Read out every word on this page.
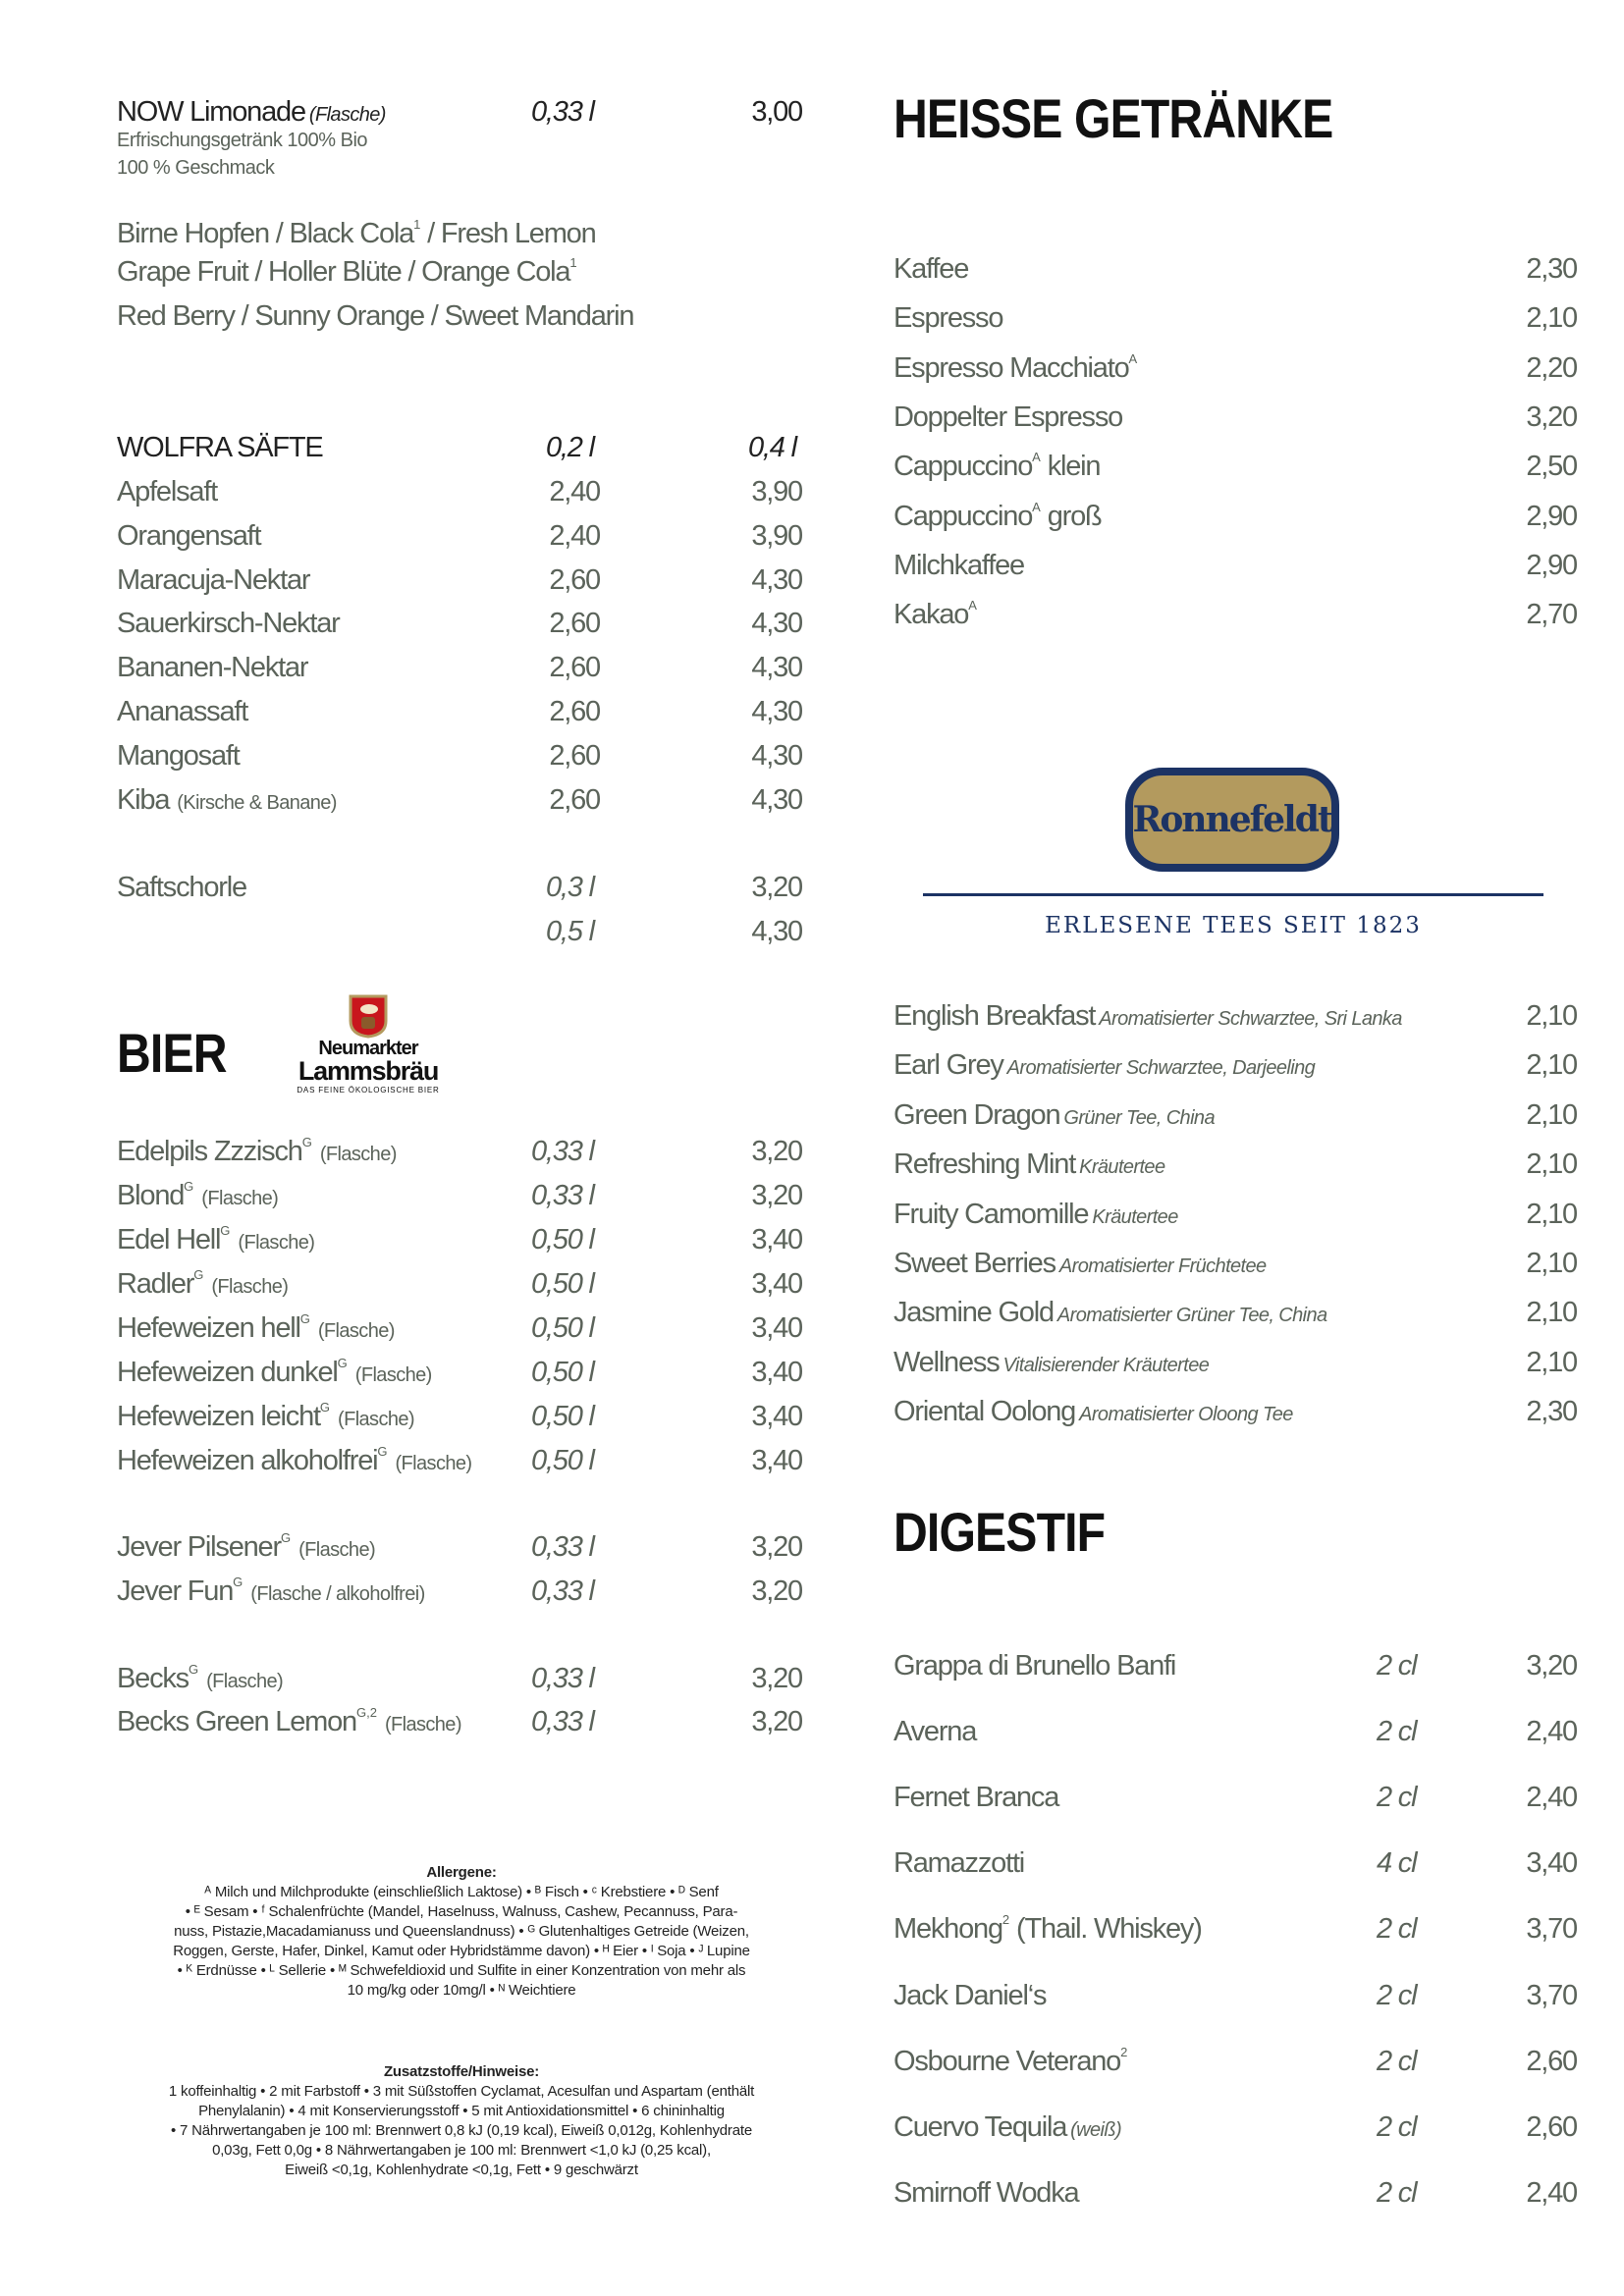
Erfrischungsgetränk 100% Bio
100 % Geschmack
BIER	Neumarkter
Lammsbräu
DAS FEINE ÖKOLOGISCHE BIER
Allergene:
ᴬ Milch und Milchprodukte (einschließlich Laktose) • ᴮ Fisch • ᶜ Krebstiere • ᴰ Senf
• ᴱ Sesam • ᶠ Schalenfrüchte (Mandel, Haselnuss, Walnuss, Cashew, Pecannuss, Para-
nuss, Pistazie,Macadamianuss und Queenslandnuss) • ᴳ Glutenhaltiges Getreide (Weizen,
Roggen, Gerste, Hafer, Dinkel, Kamut oder Hybridstämme davon) • ᴴ Eier • ᴵ Soja • ᴶ Lupine
• ᴷ Erdnüsse • ᴸ Sellerie • ᴹ Schwefeldioxid und Sulfite in einer Konzentration von mehr als
10 mg/kg oder 10mg/l • ᴺ Weichtiere
Zusatzstoffe/Hinweise:
1 koffeinhaltig • 2 mit Farbstoff • 3 mit Süßstoffen Cyclamat, Acesulfan und Aspartam (enthält
Phenylalanin) • 4 mit Konservierungsstoff • 5 mit Antioxidationsmittel • 6 chininhaltig
• 7 Nährwertangaben je 100 ml: Brennwert 0,8 kJ (0,19 kcal), Eiweiß 0,012g, Kohlenhydrate
0,03g, Fett 0,0g • 8 Nährwertangaben je 100 ml: Brennwert <1,0 kJ (0,25 kcal),
Eiweiß <0,1g, Kohlenhydrate <0,1g, Fett • 9 geschwärzt
HEISSE GETRÄNKE
Ronnefeldt
ERLESENE TEES SEIT 1823
DIGESTIF
NOW Limonade (Flasche)	0,33 l	3,00
Birne Hopfen / Black Cola$^1$ / Fresh Lemon
Grape Fruit / Holler Blüte / Orange Cola$^1$
Red Berry / Sunny Orange / Sweet Mandarin
WOLFRA SÄFTE	0,2 l	0,4 l
Apfelsaft	2,40	3,90
Orangensaft	2,40	3,90
Maracuja-Nektar	2,60	4,30
Sauerkirsch-Nektar	2,60	4,30
Bananen-Nektar	2,60	4,30
Ananassaft	2,60	4,30
Mangosaft	2,60	4,30
Kiba (Kirsche & Banane)	2,60	4,30
Saftschorle	0,3 l	3,20
0,5 l	4,30
Edelpils Zzzisch$^G$(Flasche)	0,33 l	3,20
Blond$^G$(Flasche)	0,33 l	3,20
Edel Hell$^G$(Flasche)	0,50 l	3,40
Radler$^G$(Flasche)	0,50 l	3,40
Hefeweizen hell$^G$(Flasche)	0,50 l	3,40
Hefeweizen dunkel$^G$(Flasche)	0,50 l	3,40
Hefeweizen leicht$^G$(Flasche)	0,50 l	3,40
Hefeweizen alkoholfrei$^G$(Flasche) 0,50 l	3,40
Jever Pilsener$^G$(Flasche)	0,33 l	3,20
Jever Fun$^G$(Flasche / alkoholfrei)	0,33 l	3,20
Becks$^G$(Flasche)	0,33 l	3,20
Becks Green Lemon$^{G,2}$(Flasche) 0,33 l	3,20
Kaffee	2,30
Espresso	2,10
Espresso Macchiato$^A$	2,20
Doppelter Espresso	3,20
Cappuccino$^A$ klein	2,50
Cappuccino$^A$ groß	2,90
Milchkaffee	2,90
Kakao$^A$	2,70
English Breakfast Aromatisierter Schwarztee, Sri Lanka	2,10
Earl Grey Aromatisierter Schwarztee, Darjeeling	2,10
Green Dragon Grüner Tee, China	2,10
Refreshing Mint Kräutertee	2,10
Fruity Camomille Kräutertee	2,10
Sweet Berries Aromatisierter Früchtetee	2,10
Jasmine Gold Aromatisierter Grüner Tee, China	2,10
Wellness Vitalisierender Kräutertee	2,10
Oriental Oolong Aromatisierter Oloong Tee	2,30
Grappa di Brunello Banfi	2 cl	3,20
Averna	2 cl	2,40
Fernet Branca	2 cl	2,40
Ramazzotti	4 cl	3,40
Mekhong$^2$ (Thail. Whiskey)	2 cl	3,70
Jack Daniel‘s	2 cl	3,70
Osbourne Veterano$^2$	2 cl	2,60
Cuervo Tequila (weiß)	2 cl	2,60
Smirnoff Wodka	2 cl	2,40
